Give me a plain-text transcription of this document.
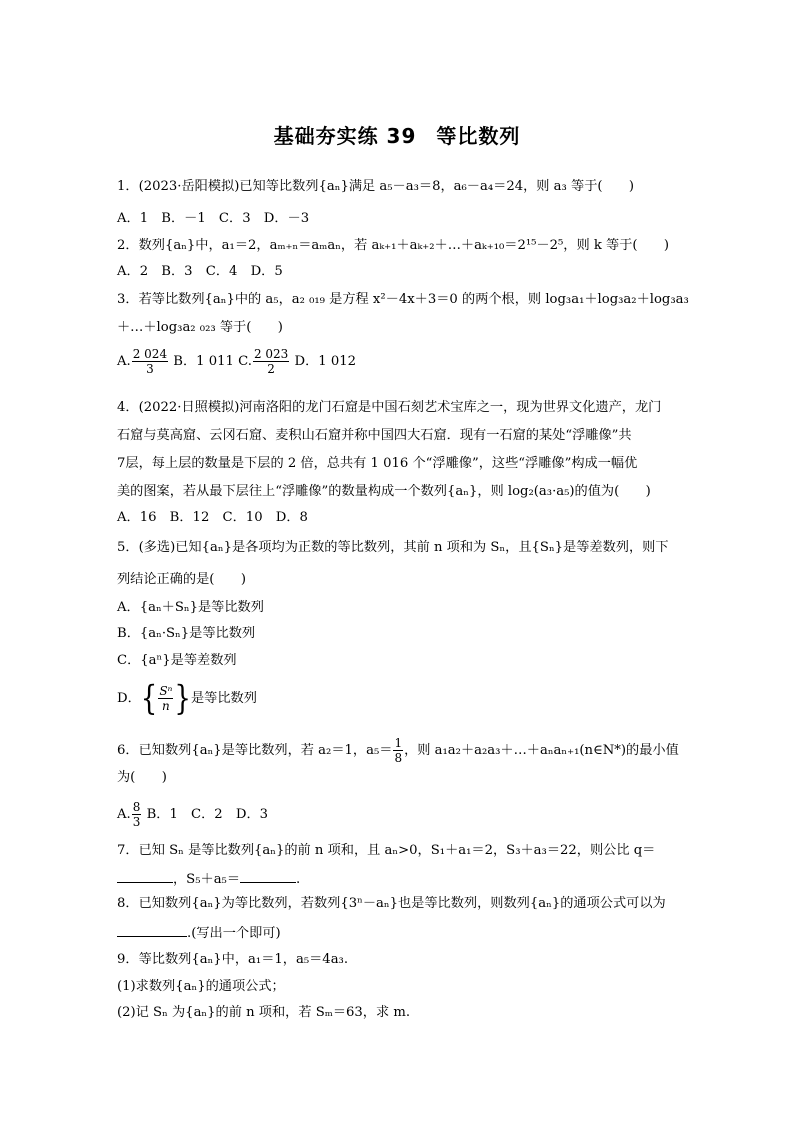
基础夯实练 39 等比数列
1．(2023·岳阳模拟)已知等比数列{aₙ}满足 a₅－a₃＝8，a₆－a₄＝24，则 a₃ 等于(　　)
A．1　B．－1　C．3　D．－3
2．数列{aₙ}中，a₁＝2，aₘ₊ₙ＝aₘaₙ，若 aₖ₊₁＋aₖ₊₂＋…＋aₖ₊₁₀＝2¹⁵－2⁵，则 k 等于(　　)
A．2　B．3　C．4　D．5
3．若等比数列{aₙ}中的 a₅，a₂ ₀₁₉ 是方程 x²－4x＋3＝0 的两个根，则 log₃a₁＋log₃a₂＋log₃a₃
＋…＋log₃a₂ ₀₂₃ 等于(　　)
A. $\frac{2 024}{3}$ B．1 011 C. $\frac{2 023}{2}$ D．1 012
4．(2022·日照模拟)河南洛阳的龙门石窟是中国石刻艺术宝库之一，现为世界文化遗产，龙门
石窟与莫高窟、云冈石窟、麦积山石窟并称中国四大石窟．现有一石窟的某处“浮雕像”共
7层，每上层的数量是下层的 2 倍，总共有 1 016 个“浮雕像”，这些“浮雕像”构成一幅优
美的图案，若从最下层往上“浮雕像”的数量构成一个数列{aₙ}，则 log₂(a₃·a₅)的值为(　　)
A．16　B．12　C．10　D．8
5．(多选)已知{aₙ}是各项均为正数的等比数列，其前 n 项和为 Sₙ，且{Sₙ}是等差数列，则下
列结论正确的是(　　)
A．{aₙ＋Sₙ}是等比数列
B．{aₙ·Sₙ}是等比数列
C．{aⁿ}是等差数列
D．{ $\frac{\text{Sⁿ}}{n}$ }是等比数列
6．已知数列{aₙ}是等比数列，若 a₂＝1，$a_5= \frac{1}{8}$ ，则 a₁a₂＋a₂a₃＋…＋aₙaₙ₊₁(n∈N*)的最小值
为(　　)
A. $\frac{8}{3}$ B．1　C．2　D．3
7．已知 Sₙ 是等比数列{aₙ}的前 n 项和，且 aₙ>0，S₁＋a₁＝2，S₃＋a₃＝22，则公比 q＝
，S₅＋a₅＝	.
8．已知数列{aₙ}为等比数列，若数列{3ⁿ－aₙ}也是等比数列，则数列{aₙ}的通项公式可以为
.(写出一个即可)
9．等比数列{aₙ}中，a₁＝1，a₅＝4a₃.
(1)求数列{aₙ}的通项公式；
(2)记 Sₙ 为{aₙ}的前 n 项和，若 Sₘ＝63，求 m.
